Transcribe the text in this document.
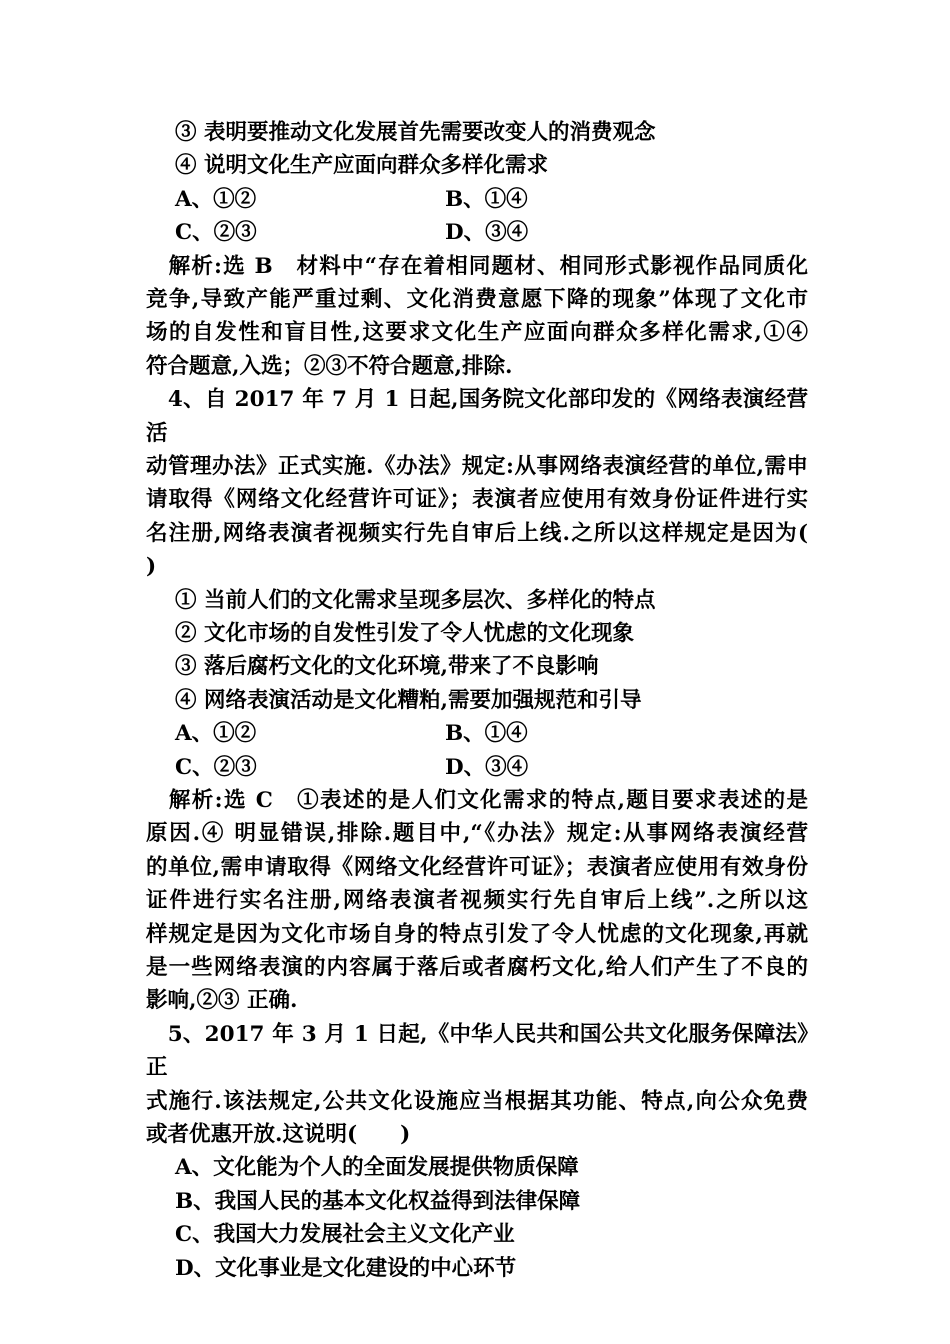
③ 表明要推动文化发展首先需要改变人的消费观念
④ 说明文化生产应面向群众多样化需求
A、①②	B、①④
C、②③	D、③④
　解析:选 B　材料中“存在着相同题材、相同形式影视作品同质化
竞争,导致产能严重过剩、文化消费意愿下降的现象”体现了文化市
场的自发性和盲目性,这要求文化生产应面向群众多样化需求,①④
符合题意,入选；②③不符合题意,排除.
　4、自 2017 年 7 月 1 日起,国务院文化部印发的《网络表演经营活
动管理办法》正式实施.《办法》规定:从事网络表演经营的单位,需申
请取得《网络文化经营许可证》；表演者应使用有效身份证件进行实
名注册,网络表演者视频实行先自审后上线.之所以这样规定是因为(
)
① 当前人们的文化需求呈现多层次、多样化的特点
② 文化市场的自发性引发了令人忧虑的文化现象
③ 落后腐朽文化的文化环境,带来了不良影响
④ 网络表演活动是文化糟粕,需要加强规范和引导
A、①②	B、①④
C、②③	D、③④
　解析:选 C　①表述的是人们文化需求的特点,题目要求表述的是
原因.④ 明显错误,排除.题目中,“《办法》规定:从事网络表演经营
的单位,需申请取得《网络文化经营许可证》；表演者应使用有效身份
证件进行实名注册,网络表演者视频实行先自审后上线”.之所以这
样规定是因为文化市场自身的特点引发了令人忧虑的文化现象,再就
是一些网络表演的内容属于落后或者腐朽文化,给人们产生了不良的
影响,②③ 正确.
　5、2017 年 3 月 1 日起,《中华人民共和国公共文化服务保障法》正
式施行.该法规定,公共文化设施应当根据其功能、特点,向公众免费
或者优惠开放.这说明(　　)
A、文化能为个人的全面发展提供物质保障
B、我国人民的基本文化权益得到法律保障
C、我国大力发展社会主义文化产业
D、文化事业是文化建设的中心环节
